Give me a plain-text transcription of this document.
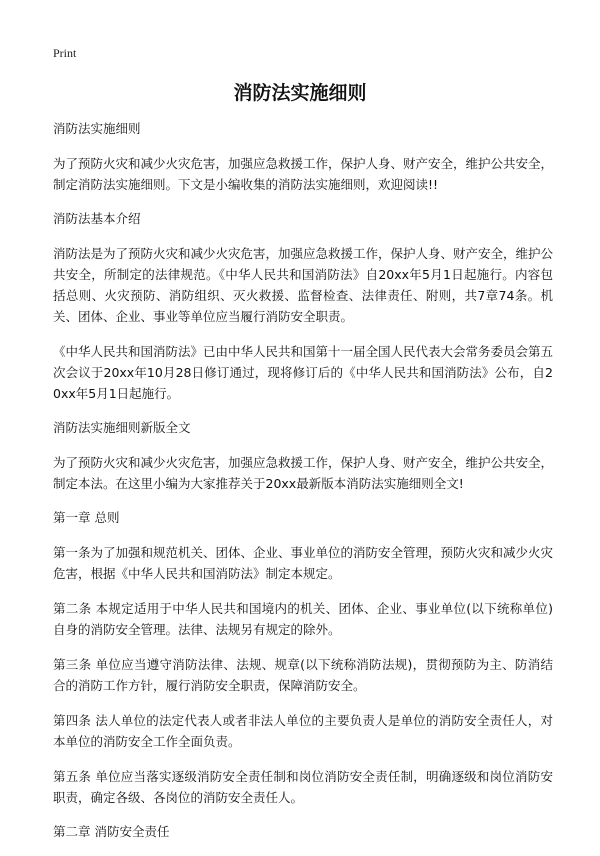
Print
消防法实施细则
消防法实施细则
为了预防火灾和减少火灾危害，加强应急救援工作，保护人身、财产安全，维护公共安全，制定消防法实施细则。下文是小编收集的消防法实施细则，欢迎阅读!!
消防法基本介绍
消防法是为了预防火灾和减少火灾危害，加强应急救援工作，保护人身、财产安全，维护公共安全，所制定的法律规范。《中华人民共和国消防法》自20xx年5月1日起施行。内容包括总则、火灾预防、消防组织、灭火救援、监督检查、法律责任、附则，共7章74条。机关、团体、企业、事业等单位应当履行消防安全职责。
《中华人民共和国消防法》已由中华人民共和国第十一届全国人民代表大会常务委员会第五次会议于20xx年10月28日修订通过，现将修订后的《中华人民共和国消防法》公布，自20xx年5月1日起施行。
消防法实施细则新版全文
为了预防火灾和减少火灾危害，加强应急救援工作，保护人身、财产安全，维护公共安全，制定本法。在这里小编为大家推荐关于20xx最新版本消防法实施细则全文!
第一章 总则
第一条为了加强和规范机关、团体、企业、事业单位的消防安全管理，预防火灾和减少火灾危害，根据《中华人民共和国消防法》制定本规定。
第二条 本规定适用于中华人民共和国境内的机关、团体、企业、事业单位(以下统称单位)自身的消防安全管理。法律、法规另有规定的除外。
第三条 单位应当遵守消防法律、法规、规章(以下统称消防法规)，贯彻预防为主、防消结合的消防工作方针，履行消防安全职责，保障消防安全。
第四条 法人单位的法定代表人或者非法人单位的主要负责人是单位的消防安全责任人，对本单位的消防安全工作全面负责。
第五条 单位应当落实逐级消防安全责任制和岗位消防安全责任制，明确逐级和岗位消防安职责，确定各级、各岗位的消防安全责任人。
第二章 消防安全责任
